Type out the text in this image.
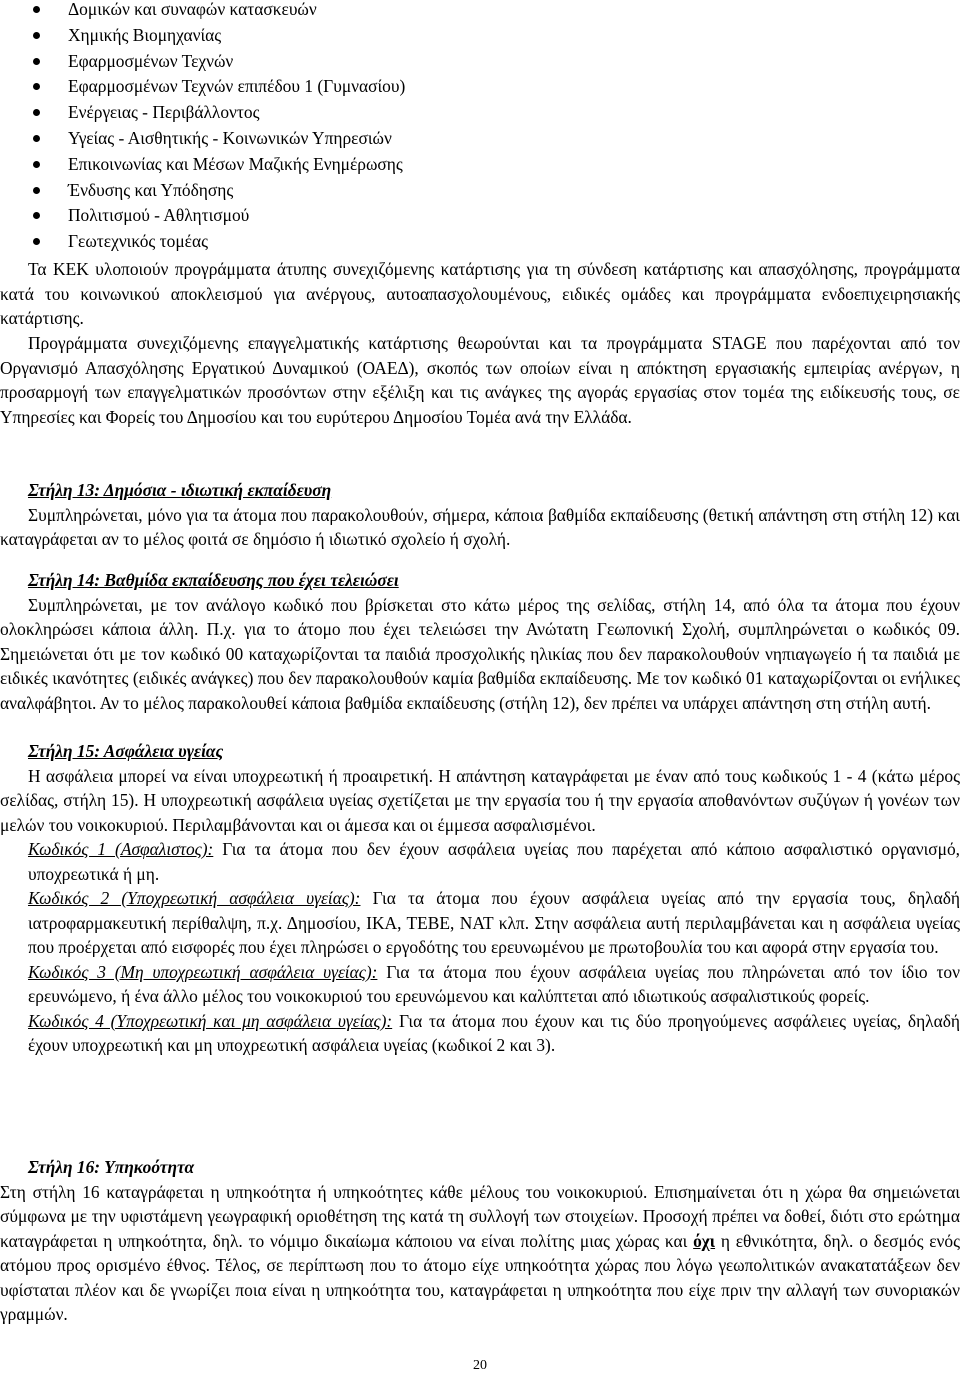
Δομικών και συναφών κατασκευών
Χημικής Βιομηχανίας
Εφαρμοσμένων Τεχνών
Εφαρμοσμένων Τεχνών επιπέδου 1 (Γυμνασίου)
Ενέργειας - Περιβάλλοντος
Υγείας - Αισθητικής - Κοινωνικών Υπηρεσιών
Επικοινωνίας και Μέσων Μαζικής Ενημέρωσης
Ένδυσης και Υπόδησης
Πολιτισμού - Αθλητισμού
Γεωτεχνικός τομέας

Τα ΚΕΚ υλοποιούν προγράμματα άτυπης συνεχιζόμενης κατάρτισης για τη σύνδεση κατάρτισης και απασχόλησης, προγράμματα κατά του κοινωνικού αποκλεισμού για ανέργους, αυτοαπασχολουμένους, ειδικές ομάδες και προγράμματα ενδοεπιχειρησιακής κατάρτισης.

Προγράμματα συνεχιζόμενης επαγγελματικής κατάρτισης θεωρούνται και τα προγράμματα STAGE που παρέχονται από τον Οργανισμό Απασχόλησης Εργατικού Δυναμικού (ΟΑΕΔ), σκοπός των οποίων είναι η απόκτηση εργασιακής εμπειρίας ανέργων, η προσαρμογή των επαγγελματικών προσόντων στην εξέλιξη και τις ανάγκες της αγοράς εργασίας στον τομέα της ειδίκευσής τους, σε Υπηρεσίες και Φορείς του Δημοσίου και του ευρύτερου Δημοσίου Τομέα ανά την Ελλάδα.

Στήλη 13: Δημόσια - ιδιωτική εκπαίδευση

Συμπληρώνεται, μόνο για τα άτομα που παρακολουθούν, σήμερα, κάποια βαθμίδα εκπαίδευσης (θετική απάντηση στη στήλη 12) και καταγράφεται αν το μέλος φοιτά σε δημόσιο ή ιδιωτικό σχολείο ή σχολή.

Στήλη 14: Βαθμίδα εκπαίδευσης που έχει τελειώσει

Συμπληρώνεται, με τον ανάλογο κωδικό που βρίσκεται στο κάτω μέρος της σελίδας, στήλη 14, από όλα τα άτομα που έχουν ολοκληρώσει κάποια άλλη. Π.χ. για το άτομο που έχει τελειώσει την Ανώτατη Γεωπονική Σχολή, συμπληρώνεται ο κωδικός 09. Σημειώνεται ότι με τον κωδικό 00 καταχωρίζονται τα παιδιά προσχολικής ηλικίας που δεν παρακολουθούν νηπιαγωγείο ή τα παιδιά με ειδικές ικανότητες (ειδικές ανάγκες) που δεν παρακολουθούν καμία βαθμίδα εκπαίδευσης. Με τον κωδικό 01 καταχωρίζονται οι ενήλικες αναλφάβητοι. Αν το μέλος παρακολουθεί κάποια βαθμίδα εκπαίδευσης (στήλη 12), δεν πρέπει να υπάρχει απάντηση στη στήλη αυτή.

Στήλη 15: Ασφάλεια υγείας

Η ασφάλεια μπορεί να είναι υποχρεωτική ή προαιρετική. Η απάντηση καταγράφεται με έναν από τους κωδικούς 1 - 4 (κάτω μέρος σελίδας, στήλη 15). Η υποχρεωτική ασφάλεια υγείας σχετίζεται με την εργασία του ή την εργασία αποθανόντων συζύγων ή γονέων των μελών του νοικοκυριού. Περιλαμβάνονται και οι άμεσα και οι έμμεσα ασφαλισμένοι.

Κωδικός 1 (Ασφαλιστος): Για τα άτομα που δεν έχουν ασφάλεια υγείας που παρέχεται από κάποιο ασφαλιστικό οργανισμό, υποχρεωτικά ή μη.

Κωδικός 2 (Υποχρεωτική ασφάλεια υγείας): Για τα άτομα που έχουν ασφάλεια υγείας από την εργασία τους, δηλαδή ιατροφαρμακευτική περίθαλψη, π.χ. Δημοσίου, ΙΚΑ, ΤΕΒΕ, ΝΑΤ κλπ. Στην ασφάλεια αυτή περιλαμβάνεται και η ασφάλεια υγείας που προέρχεται από εισφορές που έχει πληρώσει ο εργοδότης του ερευνωμένου με πρωτοβουλία του και αφορά στην εργασία του.

Κωδικός 3 (Μη υποχρεωτική ασφάλεια υγείας): Για τα άτομα που έχουν ασφάλεια υγείας που πληρώνεται από τον ίδιο τον ερευνώμενο, ή ένα άλλο μέλος του νοικοκυριού του ερευνώμενου και καλύπτεται από ιδιωτικούς ασφαλιστικούς φορείς.

Κωδικός 4 (Υποχρεωτική και μη ασφάλεια υγείας): Για τα άτομα που έχουν και τις δύο προηγούμενες ασφάλειες υγείας, δηλαδή έχουν υποχρεωτική και μη υποχρεωτική ασφάλεια υγείας (κωδικοί 2 και 3).

Στήλη 16: Υπηκοότητα

Στη στήλη 16 καταγράφεται η υπηκοότητα ή υπηκοότητες κάθε μέλους του νοικοκυριού. Επισημαίνεται ότι η χώρα θα σημειώνεται σύμφωνα με την υφιστάμενη γεωγραφική οριοθέτηση της κατά τη συλλογή των στοιχείων. Προσοχή πρέπει να δοθεί, διότι στο ερώτημα καταγράφεται η υπηκοότητα, δηλ. το νόμιμο δικαίωμα κάποιου να είναι πολίτης μιας χώρας και όχι η εθνικότητα, δηλ. ο δεσμός ενός ατόμου προς ορισμένο έθνος. Τέλος, σε περίπτωση που το άτομο είχε υπηκοότητα χώρας που λόγω γεωπολιτικών ανακατατάξεων δεν υφίσταται πλέον και δε γνωρίζει ποια είναι η υπηκοότητα του, καταγράφεται η υπηκοότητα που είχε πριν την αλλαγή των συνοριακών γραμμών.

20
